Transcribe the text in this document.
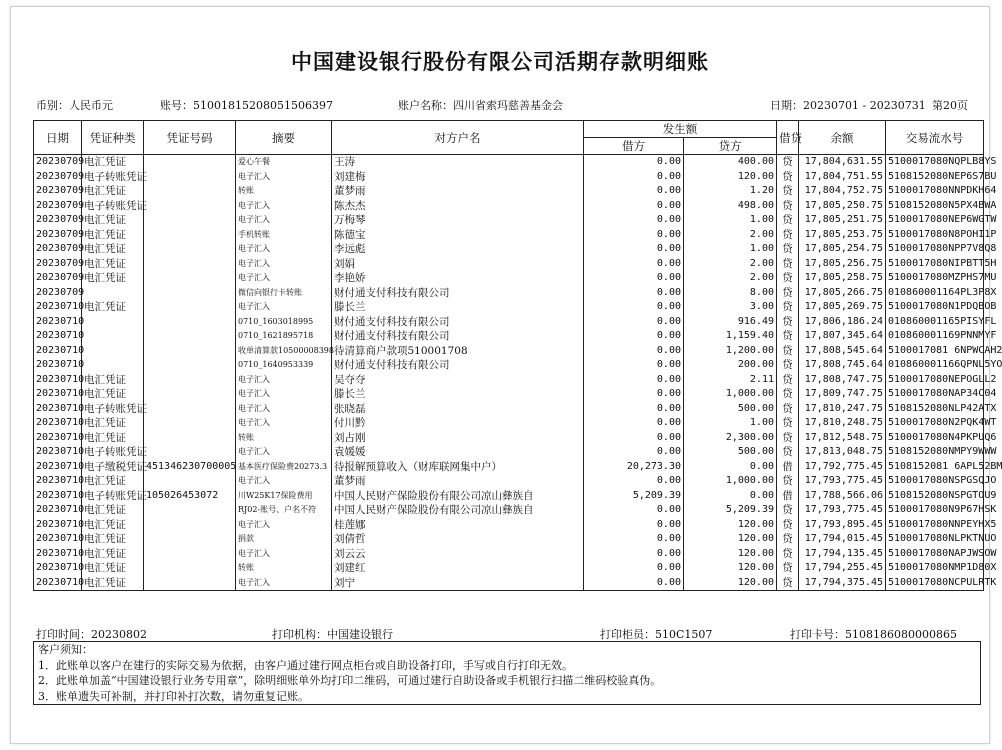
中国建设银行股份有限公司活期存款明细账
币别：人民币元	账号：51001815208051506397	账户名称：四川省索玛慈善基金会	日期：20230701 - 20230731 第20页
日期	凭证种类	凭证号码	摘要	对方户名	发生额		借贷	余额	交易流水号
					借方	贷方			
20230709	电汇凭证		爱心午餐	王涛	0.00	400.00	贷	17,804,631.55	5100017080NQPLB8YS
20230709	电子转账凭证		电子汇入	刘建梅	0.00	120.00	贷	17,804,751.55	5108152080NEP6S7BU
20230709	电汇凭证		转账	董梦雨	0.00	1.20	贷	17,804,752.75	5100017080NNPDKH64
20230709	电子转账凭证		电子汇入	陈杰杰	0.00	498.00	贷	17,805,250.75	5108152080N5PX4BWA
20230709	电汇凭证		电子汇入	万梅琴	0.00	1.00	贷	17,805,251.75	5100017080NEP6WGTW
20230709	电汇凭证		手机转账	陈德宝	0.00	2.00	贷	17,805,253.75	5100017080N8POHI1P
20230709	电汇凭证		电子汇入	李远彪	0.00	1.00	贷	17,805,254.75	5100017080NPP7V8Q8
20230709	电汇凭证		电子汇入	刘娟	0.00	2.00	贷	17,805,256.75	5100017080NIPBTT5H
20230709	电汇凭证		电子汇入	李艳娇	0.00	2.00	贷	17,805,258.75	5100017080MZPHS7MU
20230709			微信向银行卡转账	财付通支付科技有限公司	0.00	8.00	贷	17,805,266.75	010860001164PL3P8X
20230710	电汇凭证		电子汇入	滕长兰	0.00	3.00	贷	17,805,269.75	5100017080N1PDQBOB
20230710			0710_1603018995	财付通支付科技有限公司	0.00	916.49	贷	17,806,186.24	010860001165PISYFL
20230710			0710_1621895718	财付通支付科技有限公司	0.00	1,159.40	贷	17,807,345.64	010860001169PNNMYF
20230710			收单清算款10500008398	待清算商户款项510001708	0.00	1,200.00	贷	17,808,545.64	5100017081 6NPWCAH2
20230710			0710_1640953339	财付通支付科技有限公司	0.00	200.00	贷	17,808,745.64	010860001166QPNL5YO
20230710	电汇凭证		电子汇入	吴夺夺	0.00	2.11	贷	17,808,747.75	5100017080NEPOGLL2
20230710	电汇凭证		电子汇入	滕长兰	0.00	1,000.00	贷	17,809,747.75	5100017080NAP34C04
20230710	电子转账凭证		电子汇入	张晓磊	0.00	500.00	贷	17,810,247.75	5108152080NLP42ATX
20230710	电汇凭证		电子汇入	付川黔	0.00	1.00	贷	17,810,248.75	5100017080N2PQK4WT
20230710	电汇凭证		转账	刘占刚	0.00	2,300.00	贷	17,812,548.75	5100017080N4PKPUQ6
20230710	电子转账凭证		电子汇入	袁媛媛	0.00	500.00	贷	17,813,048.75	5108152080NMPY9WWW
20230710	电子缴税凭证	451346230700005	基本医疗保险费20273.3	待报解预算收入（财库联网集中户）	20,273.30	0.00	借	17,792,775.45	5108152081 6APL52BM
20230710	电汇凭证		电子汇入	董梦雨	0.00	1,000.00	贷	17,793,775.45	5100017080NSPGSQJO
20230710	电子转账凭证	105026453072	川W25K17保险费用	中国人民财产保险股份有限公司凉山彝族自	5,209.39	0.00	借	17,788,566.06	5108152080NSPGTOU9
20230710	电汇凭证		RJ02-账号、户名不符	中国人民财产保险股份有限公司凉山彝族自	0.00	5,209.39	贷	17,793,775.45	5100017080N9P67HSK
20230710	电汇凭证		电子汇入	桂莲娜	0.00	120.00	贷	17,793,895.45	5100017080NNPEYHX5
20230710	电汇凭证		捐款	刘倩哲	0.00	120.00	贷	17,794,015.45	5100017080NLPKTNUO
20230710	电汇凭证		电子汇入	刘云云	0.00	120.00	贷	17,794,135.45	5100017080NAPJWSOW
20230710	电汇凭证		转账	刘建红	0.00	120.00	贷	17,794,255.45	5100017080NMP1D80X
20230710	电汇凭证		电子汇入	刘宁	0.00	120.00	贷	17,794,375.45	5100017080NCPULRTK
打印时间：20230802	打印机构：中国建设银行	打印柜员：510C1507	打印卡号：5108186080000865
客户须知：
1．此账单以客户在建行的实际交易为依据，由客户通过建行网点柜台或自助设备打印，手写或自行打印无效。
2．此账单加盖“中国建设银行业务专用章”，除明细账单外均打印二维码，可通过建行自助设备或手机银行扫描二维码校验真伪。
3．账单遗失可补制，并打印补打次数，请勿重复记账。
